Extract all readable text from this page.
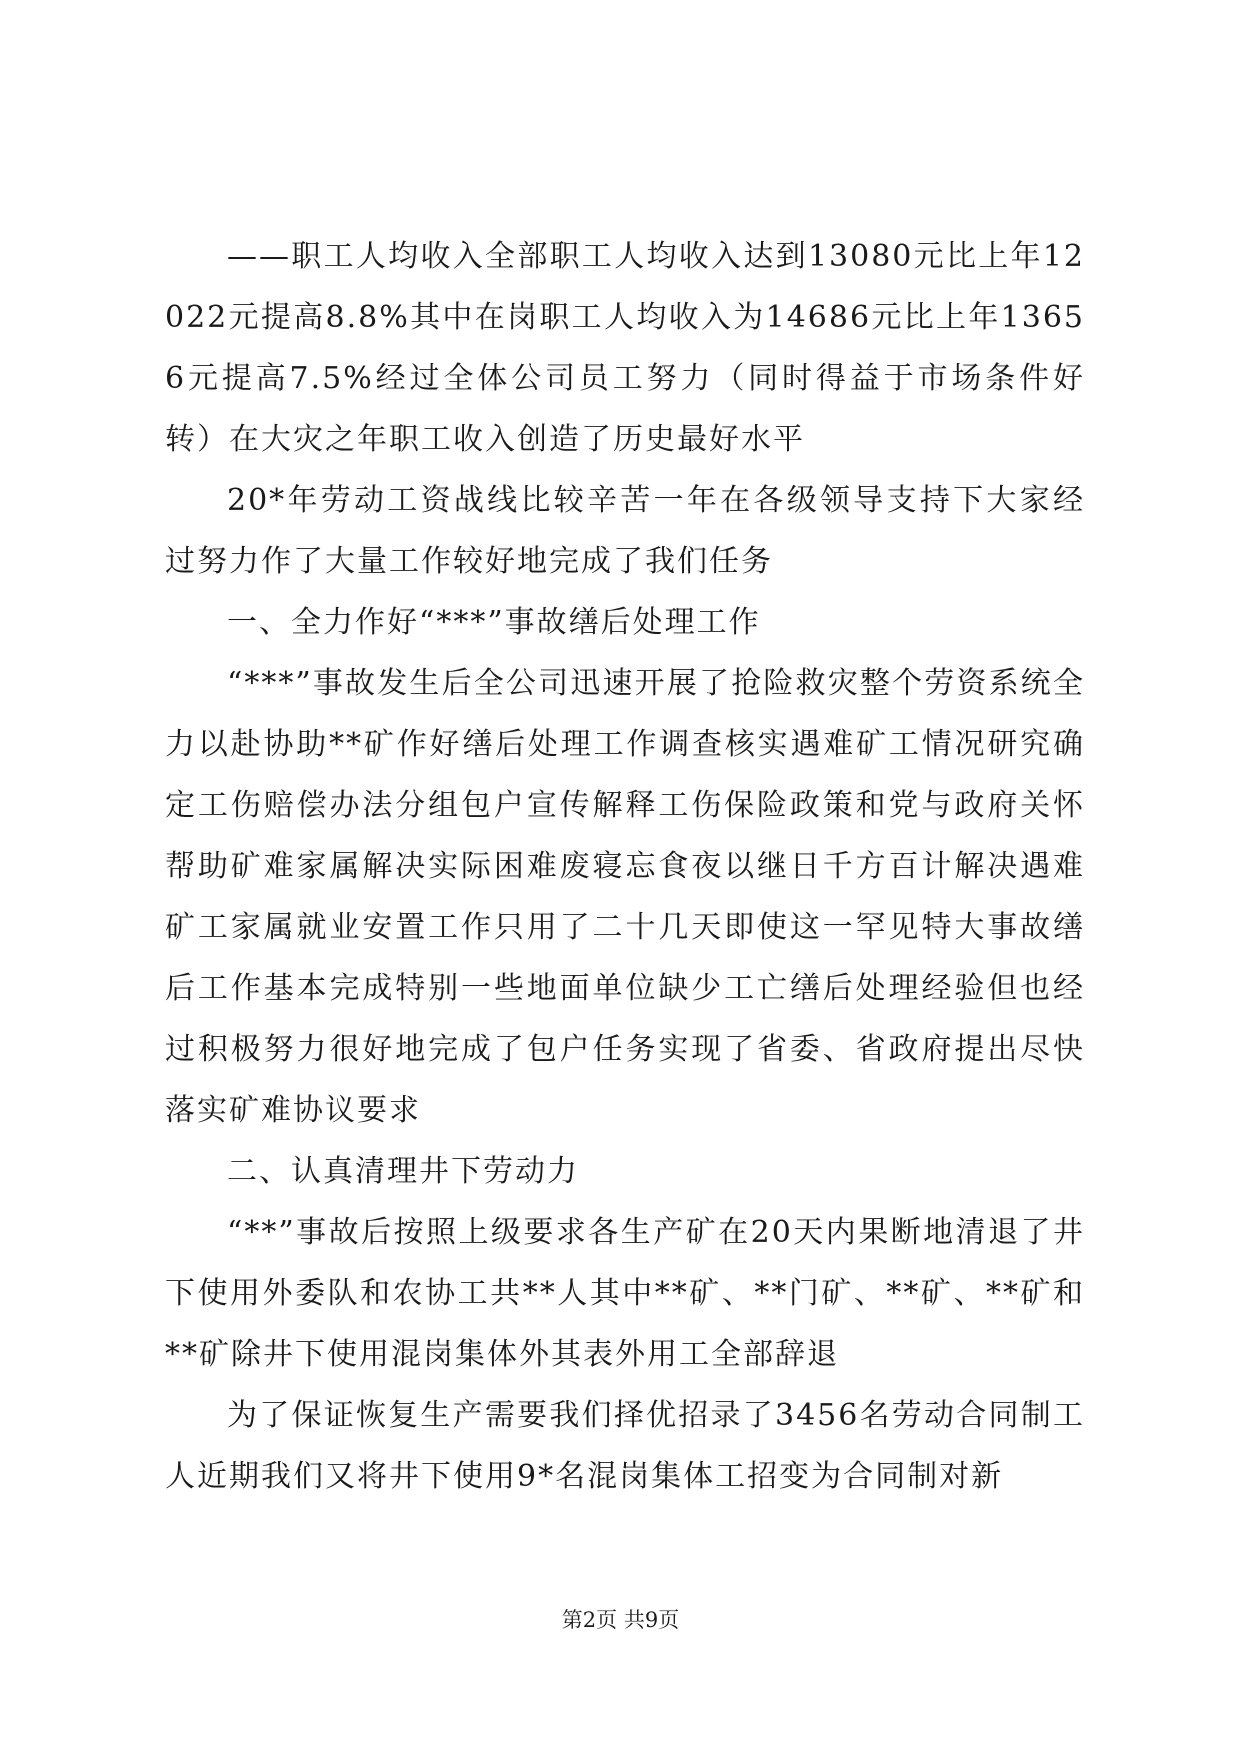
——职工人均收入全部职工人均收入达到13080元比上年12022元提高8.8%其中在岗职工人均收入为14686元比上年13656元提高7.5%经过全体公司员工努力（同时得益于市场条件好转）在大灾之年职工收入创造了历史最好水平

20*年劳动工资战线比较辛苦一年在各级领导支持下大家经过努力作了大量工作较好地完成了我们任务

一、全力作好“***”事故缮后处理工作

“***”事故发生后全公司迅速开展了抢险救灾整个劳资系统全力以赴协助**矿作好缮后处理工作调查核实遇难矿工情况研究确定工伤赔偿办法分组包户宣传解释工伤保险政策和党与政府关怀帮助矿难家属解决实际困难废寝忘食夜以继日千方百计解决遇难矿工家属就业安置工作只用了二十几天即使这一罕见特大事故缮后工作基本完成特别一些地面单位缺少工亡缮后处理经验但也经过积极努力很好地完成了包户任务实现了省委、省政府提出尽快落实矿难协议要求

二、认真清理井下劳动力

“**”事故后按照上级要求各生产矿在20天内果断地清退了井下使用外委队和农协工共**人其中**矿、**门矿、**矿、**矿和**矿除井下使用混岗集体外其表外用工全部辞退

为了保证恢复生产需要我们择优招录了3456名劳动合同制工人近期我们又将井下使用9*名混岗集体工招变为合同制对新

第2页 共9页
